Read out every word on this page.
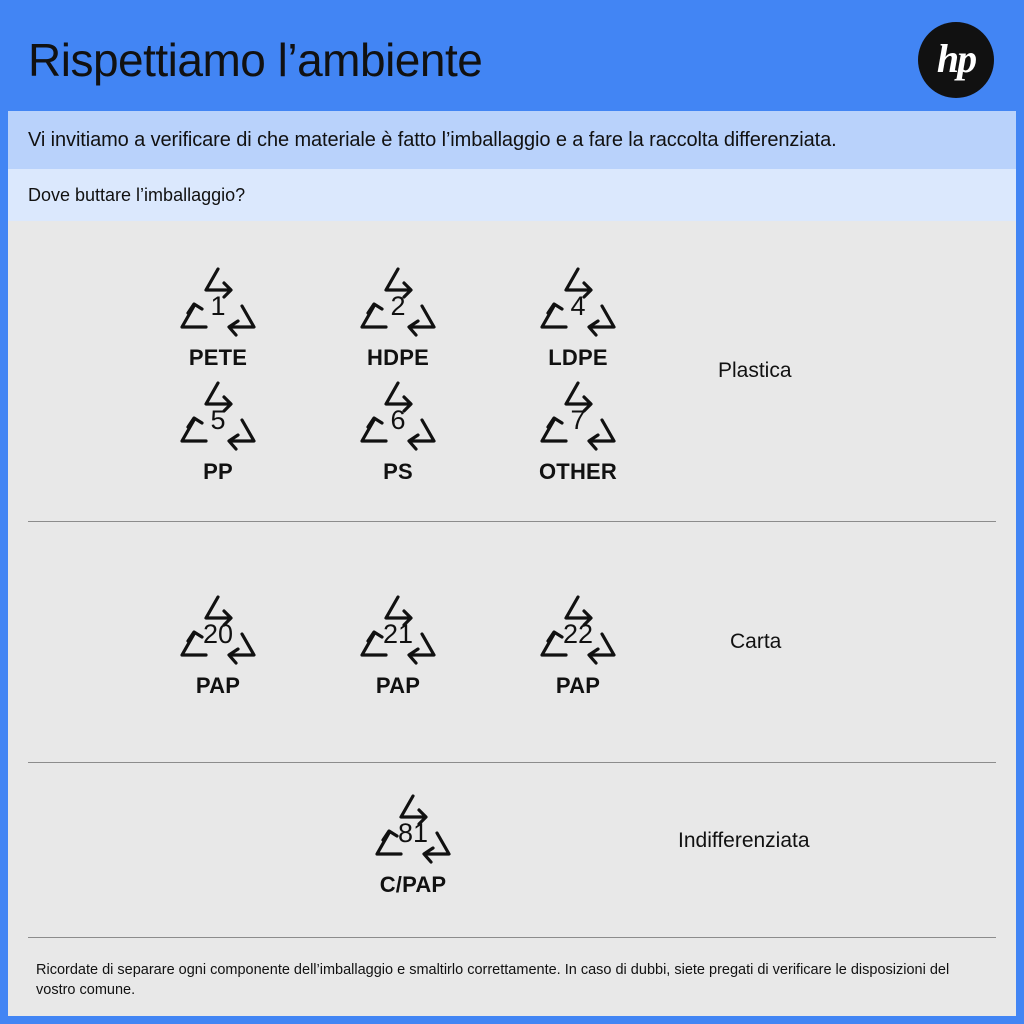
Rispettiamo l’ambiente	hp
Vi invitiamo a verificare di che materiale è fatto l’imballaggio e a fare la raccolta differenziata.
Dove buttare l’imballaggio?
1
PETE
2
HDPE
4
LDPE
5
PP
6
PS
7
OTHER
Plastica
20
PAP
21
PAP
22
PAP
Carta
81
C/PAP
Indifferenziata
Ricordate di separare ogni componente dell’imballaggio e smaltirlo correttamente. In caso di dubbi, siete pregati di verificare le disposizioni del vostro comune.
